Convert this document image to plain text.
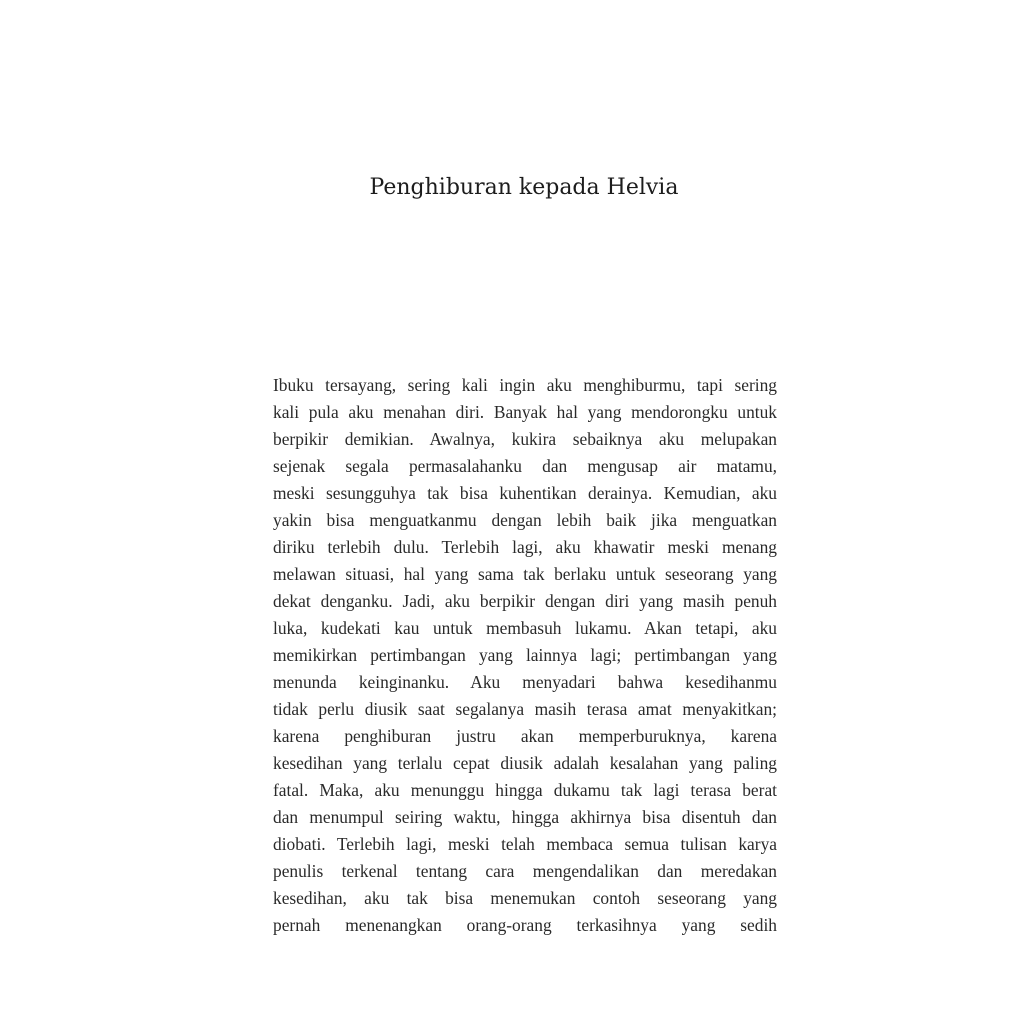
Penghiburan kepada Helvia
Ibuku tersayang, sering kali ingin aku menghiburmu, tapi sering
kali pula aku menahan diri. Banyak hal yang mendorongku untuk
berpikir demikian. Awalnya, kukira sebaiknya aku melupakan
sejenak segala permasalahanku dan mengusap air matamu,
meski sesungguhya tak bisa kuhentikan derainya. Kemudian, aku
yakin bisa menguatkanmu dengan lebih baik jika menguatkan
diriku terlebih dulu. Terlebih lagi, aku khawatir meski menang
melawan situasi, hal yang sama tak berlaku untuk seseorang yang
dekat denganku. Jadi, aku berpikir dengan diri yang masih penuh
luka, kudekati kau untuk membasuh lukamu. Akan tetapi, aku
memikirkan pertimbangan yang lainnya lagi; pertimbangan yang
menunda keinginanku. Aku menyadari bahwa kesedihanmu
tidak perlu diusik saat segalanya masih terasa amat menyakitkan;
karena penghiburan justru akan memperburuknya, karena
kesedihan yang terlalu cepat diusik adalah kesalahan yang paling
fatal. Maka, aku menunggu hingga dukamu tak lagi terasa berat
dan menumpul seiring waktu, hingga akhirnya bisa disentuh dan
diobati. Terlebih lagi, meski telah membaca semua tulisan karya
penulis terkenal tentang cara mengendalikan dan meredakan
kesedihan, aku tak bisa menemukan contoh seseorang yang
pernah menenangkan orang-orang terkasihnya yang sedih
